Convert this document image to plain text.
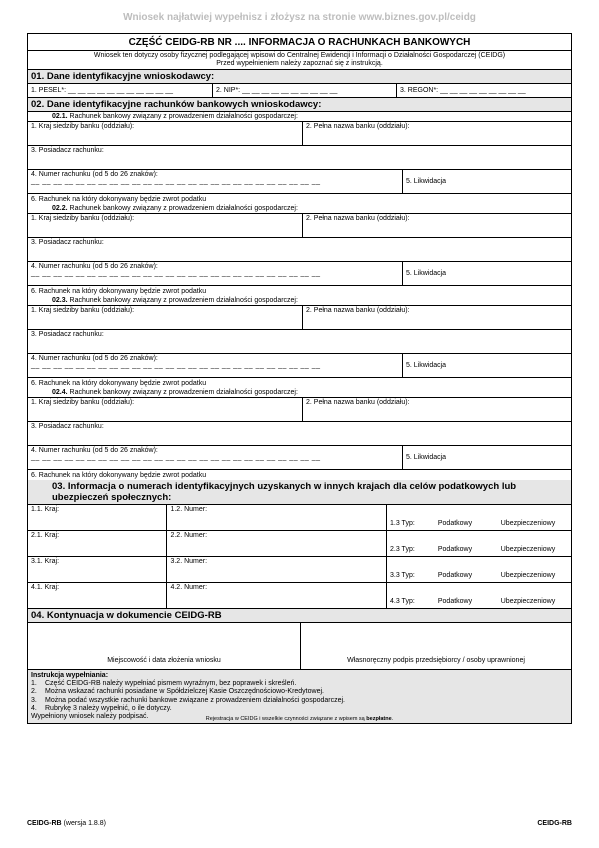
Wniosek najłatwiej wypełnisz i złożysz na stronie www.biznes.gov.pl/ceidg
CZĘŚĆ CEIDG-RB NR .... INFORMACJA O RACHUNKACH BANKOWYCH
Wniosek ten dotyczy osoby fizycznej podlegającej wpisowi do Centralnej Ewidencji i Informacji o Działalności Gospodarczej (CEIDG)
Przed wypełnieniem należy zapoznać się z instrukcją.
01. Dane identyfikacyjne wnioskodawcy:
1. PESEL*: __ __ __ __ __ __ __ __ __ __ __	2. NIP*: __ __ __ __ __ __ __ __ __ __	3. REGON*: __ __ __ __ __ __ __ __ __
02. Dane identyfikacyjne rachunków bankowych wnioskodawcy:
02.1. Rachunek bankowy związany z prowadzeniem działalności gospodarczej:
1. Kraj siedziby banku (oddziału):	2. Pełna nazwa banku (oddziału):
3. Posiadacz rachunku:
4. Numer rachunku (od 5 do 26 znaków):
__ __ __ __ __ __ __ __ __ __ __ __ __ __ __ __ __ __ __ __ __ __ __ __ __ __	5. Likwidacja
6. Rachunek na który dokonywany będzie zwrot podatku
02.2. Rachunek bankowy związany z prowadzeniem działalności gospodarczej:
1. Kraj siedziby banku (oddziału):	2. Pełna nazwa banku (oddziału):
3. Posiadacz rachunku:
4. Numer rachunku (od 5 do 26 znaków):
__ __ __ __ __ __ __ __ __ __ __ __ __ __ __ __ __ __ __ __ __ __ __ __ __ __	5. Likwidacja
6. Rachunek na który dokonywany będzie zwrot podatku
02.3. Rachunek bankowy związany z prowadzeniem działalności gospodarczej:
1. Kraj siedziby banku (oddziału):	2. Pełna nazwa banku (oddziału):
3. Posiadacz rachunku:
4. Numer rachunku (od 5 do 26 znaków):
__ __ __ __ __ __ __ __ __ __ __ __ __ __ __ __ __ __ __ __ __ __ __ __ __ __	5. Likwidacja
6. Rachunek na który dokonywany będzie zwrot podatku
02.4. Rachunek bankowy związany z prowadzeniem działalności gospodarczej:
1. Kraj siedziby banku (oddziału):	2. Pełna nazwa banku (oddziału):
3. Posiadacz rachunku:
4. Numer rachunku (od 5 do 26 znaków):
__ __ __ __ __ __ __ __ __ __ __ __ __ __ __ __ __ __ __ __ __ __ __ __ __ __	5. Likwidacja
6. Rachunek na który dokonywany będzie zwrot podatku
03. Informacja o numerach identyfikacyjnych uzyskanych w innych krajach dla celów podatkowych lub ubezpieczeń społecznych:
1.1. Kraj:	1.2. Numer:
1.3 Typ:	Podatkowy	Ubezpieczeniowy
2.1. Kraj:	2.2. Numer:
2.3 Typ:	Podatkowy	Ubezpieczeniowy
3.1. Kraj:	3.2. Numer:
3.3 Typ:	Podatkowy	Ubezpieczeniowy
4.1. Kraj:	4.2. Numer:
4.3 Typ:	Podatkowy	Ubezpieczeniowy
04. Kontynuacja w dokumencie CEIDG-RB
Miejscowość i data złożenia wniosku	Własnoręczny podpis przedsiębiorcy / osoby uprawnionej
Instrukcja wypełniania:
1.	Część CEIDG-RB należy wypełniać pismem wyraźnym, bez poprawek i skreśleń.
2.	Można wskazać rachunki posiadane w Spółdzielczej Kasie Oszczędnościowo-Kredytowej.
3.	Można podać wszystkie rachunki bankowe związane z prowadzeniem działalności gospodarczej.
4.	Rubrykę 3 należy wypełnić, o ile dotyczy.
Wypełniony wniosek należy podpisać.	Rejestracja w CEIDG i wszelkie czynności związane z wpisem są bezpłatne.
CEIDG-RB (wersja 1.8.8)	CEIDG-RB
